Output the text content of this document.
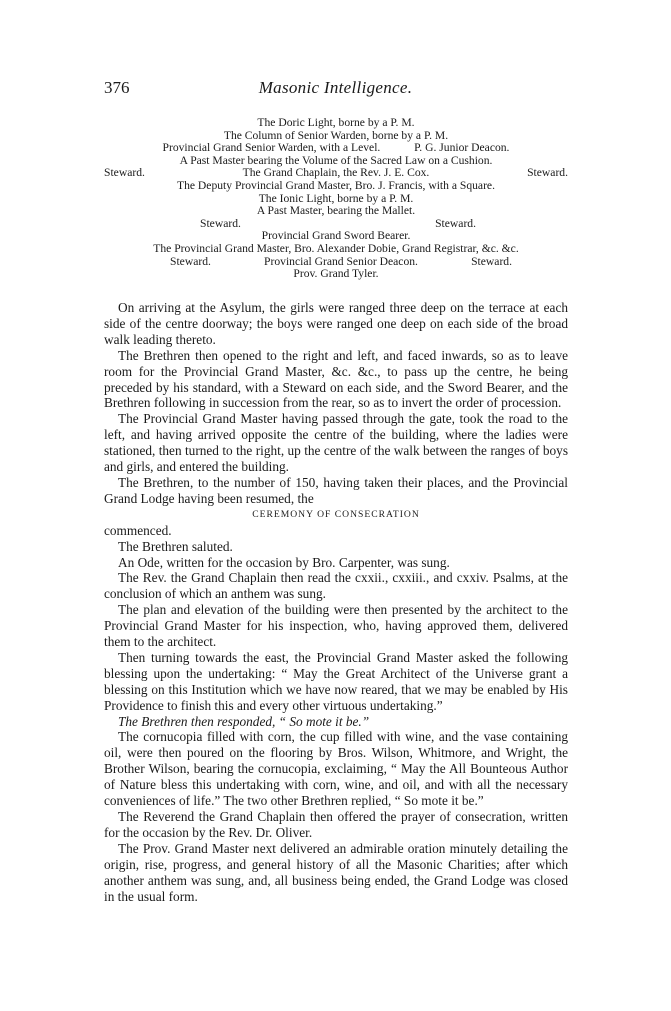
376	Masonic Intelligence.
The Doric Light, borne by a P. M.
The Column of Senior Warden, borne by a P. M.
Provincial Grand Senior Warden, with a Level.	P. G. Junior Deacon.
A Past Master bearing the Volume of the Sacred Law on a Cushion.
Steward.	The Grand Chaplain, the Rev. J. E. Cox.	Steward.
The Deputy Provincial Grand Master, Bro. J. Francis, with a Square.
The Ionic Light, borne by a P. M.
A Past Master, bearing the Mallet.
Steward.	Steward.
Provincial Grand Sword Bearer.
The Provincial Grand Master, Bro. Alexander Dobie, Grand Registrar, &c. &c.
Steward.	Provincial Grand Senior Deacon.	Steward.
Prov. Grand Tyler.

On arriving at the Asylum, the girls were ranged three deep on the terrace at each side of the centre doorway; the boys were ranged one deep on each side of the broad walk leading thereto.

The Brethren then opened to the right and left, and faced inwards, so as to leave room for the Provincial Grand Master, &c. &c., to pass up the centre, he being preceded by his standard, with a Steward on each side, and the Sword Bearer, and the Brethren following in succession from the rear, so as to invert the order of procession.

The Provincial Grand Master having passed through the gate, took the road to the left, and having arrived opposite the centre of the building, where the ladies were stationed, then turned to the right, up the centre of the walk between the ranges of boys and girls, and entered the building.

The Brethren, to the number of 150, having taken their places, and the Provincial Grand Lodge having been resumed, the

CEREMONY OF CONSECRATION

commenced.

The Brethren saluted.

An Ode, written for the occasion by Bro. Carpenter, was sung.

The Rev. the Grand Chaplain then read the cxxii., cxxiii., and cxxiv. Psalms, at the conclusion of which an anthem was sung.

The plan and elevation of the building were then presented by the architect to the Provincial Grand Master for his inspection, who, having approved them, delivered them to the architect.

Then turning towards the east, the Provincial Grand Master asked the following blessing upon the undertaking: “ May the Great Architect of the Universe grant a blessing on this Institution which we have now reared, that we may be enabled by His Providence to finish this and every other virtuous undertaking.”

The Brethren then responded, “ So mote it be.”

The cornucopia filled with corn, the cup filled with wine, and the vase containing oil, were then poured on the flooring by Bros. Wilson, Whitmore, and Wright, the Brother Wilson, bearing the cornucopia, exclaiming, “ May the All Bounteous Author of Nature bless this undertaking with corn, wine, and oil, and with all the necessary conveniences of life.” The two other Brethren replied, “ So mote it be.”

The Reverend the Grand Chaplain then offered the prayer of consecration, written for the occasion by the Rev. Dr. Oliver.

The Prov. Grand Master next delivered an admirable oration minutely detailing the origin, rise, progress, and general history of all the Masonic Charities; after which another anthem was sung, and, all business being ended, the Grand Lodge was closed in the usual form.
